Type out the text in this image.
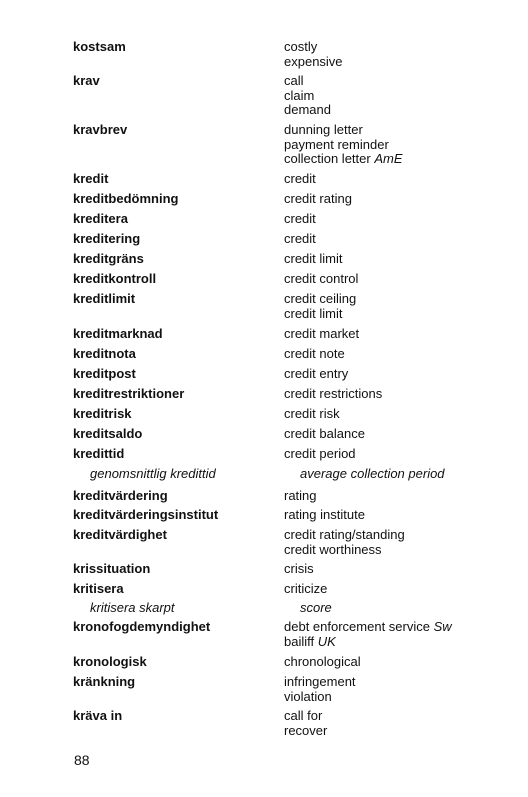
kostsam	costly
expensive
krav	call
claim
demand
kravbrev	dunning letter
payment reminder
collection letter AmE
kredit	credit
kreditbedömning	credit rating
kreditera	credit
kreditering	credit
kreditgräns	credit limit
kreditkontroll	credit control
kreditlimit	credit ceiling
credit limit
kreditmarknad	credit market
kreditnota	credit note
kreditpost	credit entry
kreditrestriktioner	credit restrictions
kreditrisk	credit risk
kreditsaldo	credit balance
kredittid	credit period
genomsnittlig kredittid	average collection period
kreditvärdering	rating
kreditvärderingsinstitut	rating institute
kreditvärdighet	credit rating/standing
credit worthiness
krissituation	crisis
kritisera	criticize
kritisera skarpt	score
kronofogdemyndighet	debt enforcement service Sw
bailiff UK
kronologisk	chronological
kränkning	infringement
violation
kräva in	call for
recover
88
